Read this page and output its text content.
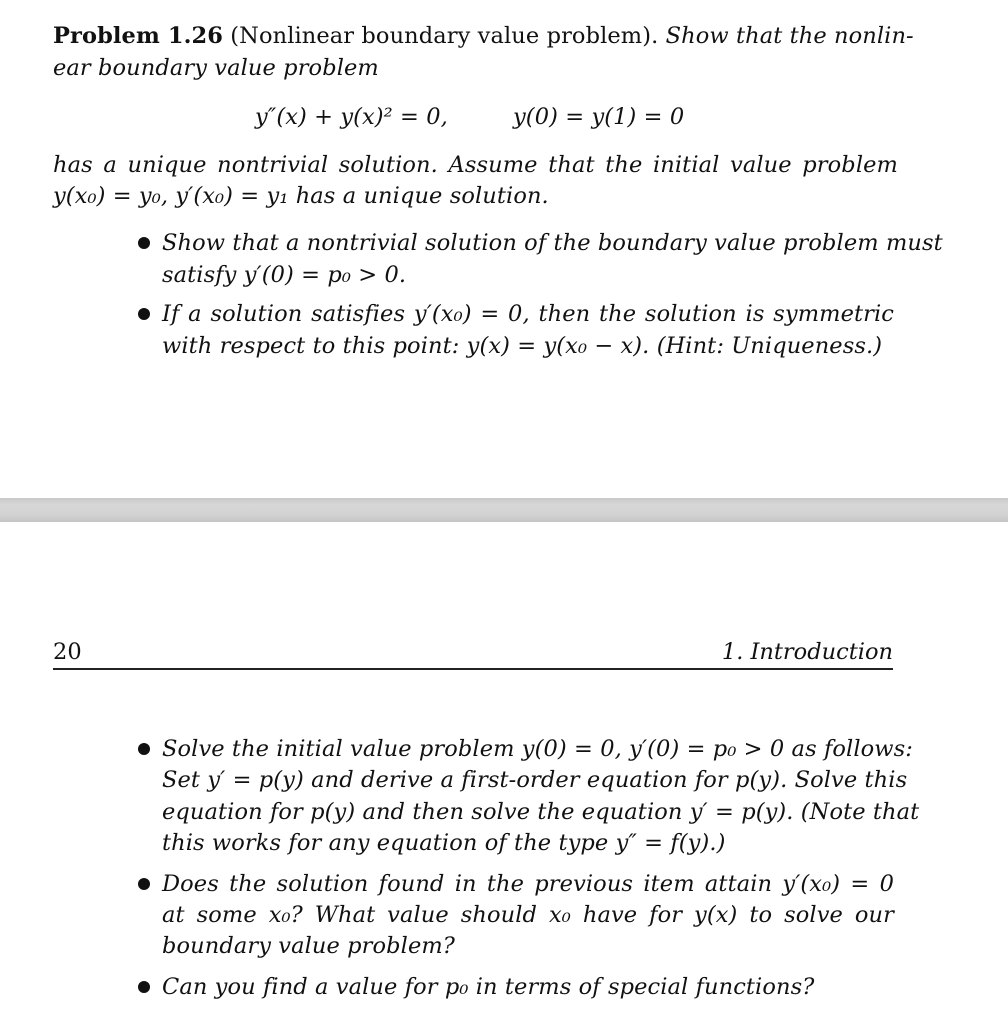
Problem 1.26 (Nonlinear boundary value problem). Show that the nonlin-
ear boundary value problem
y″(x) + y(x)² = 0,	y(0) = y(1) = 0
has a unique nontrivial solution. Assume that the initial value problem
y(x₀) = y₀, y′(x₀) = y₁ has a unique solution.
Show that a nontrivial solution of the boundary value problem must
satisfy y′(0) = p₀ > 0.
If a solution satisfies y′(x₀) = 0, then the solution is symmetric
with respect to this point: y(x) = y(x₀ − x). (Hint: Uniqueness.)
20	1. Introduction
Solve the initial value problem y(0) = 0, y′(0) = p₀ > 0 as follows:
Set y′ = p(y) and derive a first-order equation for p(y). Solve this
equation for p(y) and then solve the equation y′ = p(y). (Note that
this works for any equation of the type y″ = f(y).)
Does the solution found in the previous item attain y′(x₀) = 0
at some x₀? What value should x₀ have for y(x) to solve our
boundary value problem?
Can you find a value for p₀ in terms of special functions?
